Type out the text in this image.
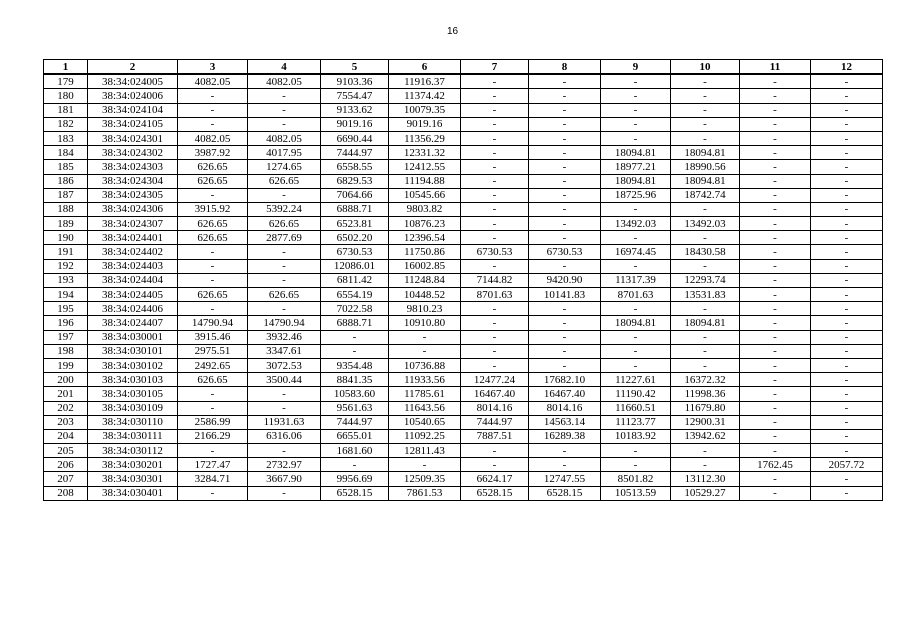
16
1	2	3	4	5	6	7	8	9	10	11	12
179	38:34:024005	4082.05	4082.05	9103.36	11916.37	-	-	-	-	-	-
180	38:34:024006	-	-	7554.47	11374.42	-	-	-	-	-	-
181	38:34:024104	-	-	9133.62	10079.35	-	-	-	-	-	-
182	38:34:024105	-	-	9019.16	9019.16	-	-	-	-	-	-
183	38:34:024301	4082.05	4082.05	6690.44	11356.29	-	-	-	-	-	-
184	38:34:024302	3987.92	4017.95	7444.97	12331.32	-	-	18094.81	18094.81	-	-
185	38:34:024303	626.65	1274.65	6558.55	12412.55	-	-	18977.21	18990.56	-	-
186	38:34:024304	626.65	626.65	6829.53	11194.88	-	-	18094.81	18094.81	-	-
187	38:34:024305	-	-	7064.66	10545.66	-	-	18725.96	18742.74	-	-
188	38:34:024306	3915.92	5392.24	6888.71	9803.82	-	-	-	-	-	-
189	38:34:024307	626.65	626.65	6523.81	10876.23	-	-	13492.03	13492.03	-	-
190	38:34:024401	626.65	2877.69	6502.20	12396.54	-	-	-	-	-	-
191	38:34:024402	-	-	6730.53	11750.86	6730.53	6730.53	16974.45	18430.58	-	-
192	38:34:024403	-	-	12086.01	16002.85	-	-	-	-	-	-
193	38:34:024404	-	-	6811.42	11248.84	7144.82	9420.90	11317.39	12293.74	-	-
194	38:34:024405	626.65	626.65	6554.19	10448.52	8701.63	10141.83	8701.63	13531.83	-	-
195	38:34:024406	-	-	7022.58	9810.23	-	-	-	-	-	-
196	38:34:024407	14790.94	14790.94	6888.71	10910.80	-	-	18094.81	18094.81	-	-
197	38:34:030001	3915.46	3932.46	-	-	-	-	-	-	-	-
198	38:34:030101	2975.51	3347.61	-	-	-	-	-	-	-	-
199	38:34:030102	2492.65	3072.53	9354.48	10736.88	-	-	-	-	-	-
200	38:34:030103	626.65	3500.44	8841.35	11933.56	12477.24	17682.10	11227.61	16372.32	-	-
201	38:34:030105	-	-	10583.60	11785.61	16467.40	16467.40	11190.42	11998.36	-	-
202	38:34:030109	-	-	9561.63	11643.56	8014.16	8014.16	11660.51	11679.80	-	-
203	38:34:030110	2586.99	11931.63	7444.97	10540.65	7444.97	14563.14	11123.77	12900.31	-	-
204	38:34:030111	2166.29	6316.06	6655.01	11092.25	7887.51	16289.38	10183.92	13942.62	-	-
205	38:34:030112	-	-	1681.60	12811.43	-	-	-	-	-	-
206	38:34:030201	1727.47	2732.97	-	-	-	-	-	-	1762.45	2057.72
207	38:34:030301	3284.71	3667.90	9956.69	12509.35	6624.17	12747.55	8501.82	13112.30	-	-
208	38:34:030401	-	-	6528.15	7861.53	6528.15	6528.15	10513.59	10529.27	-	-
